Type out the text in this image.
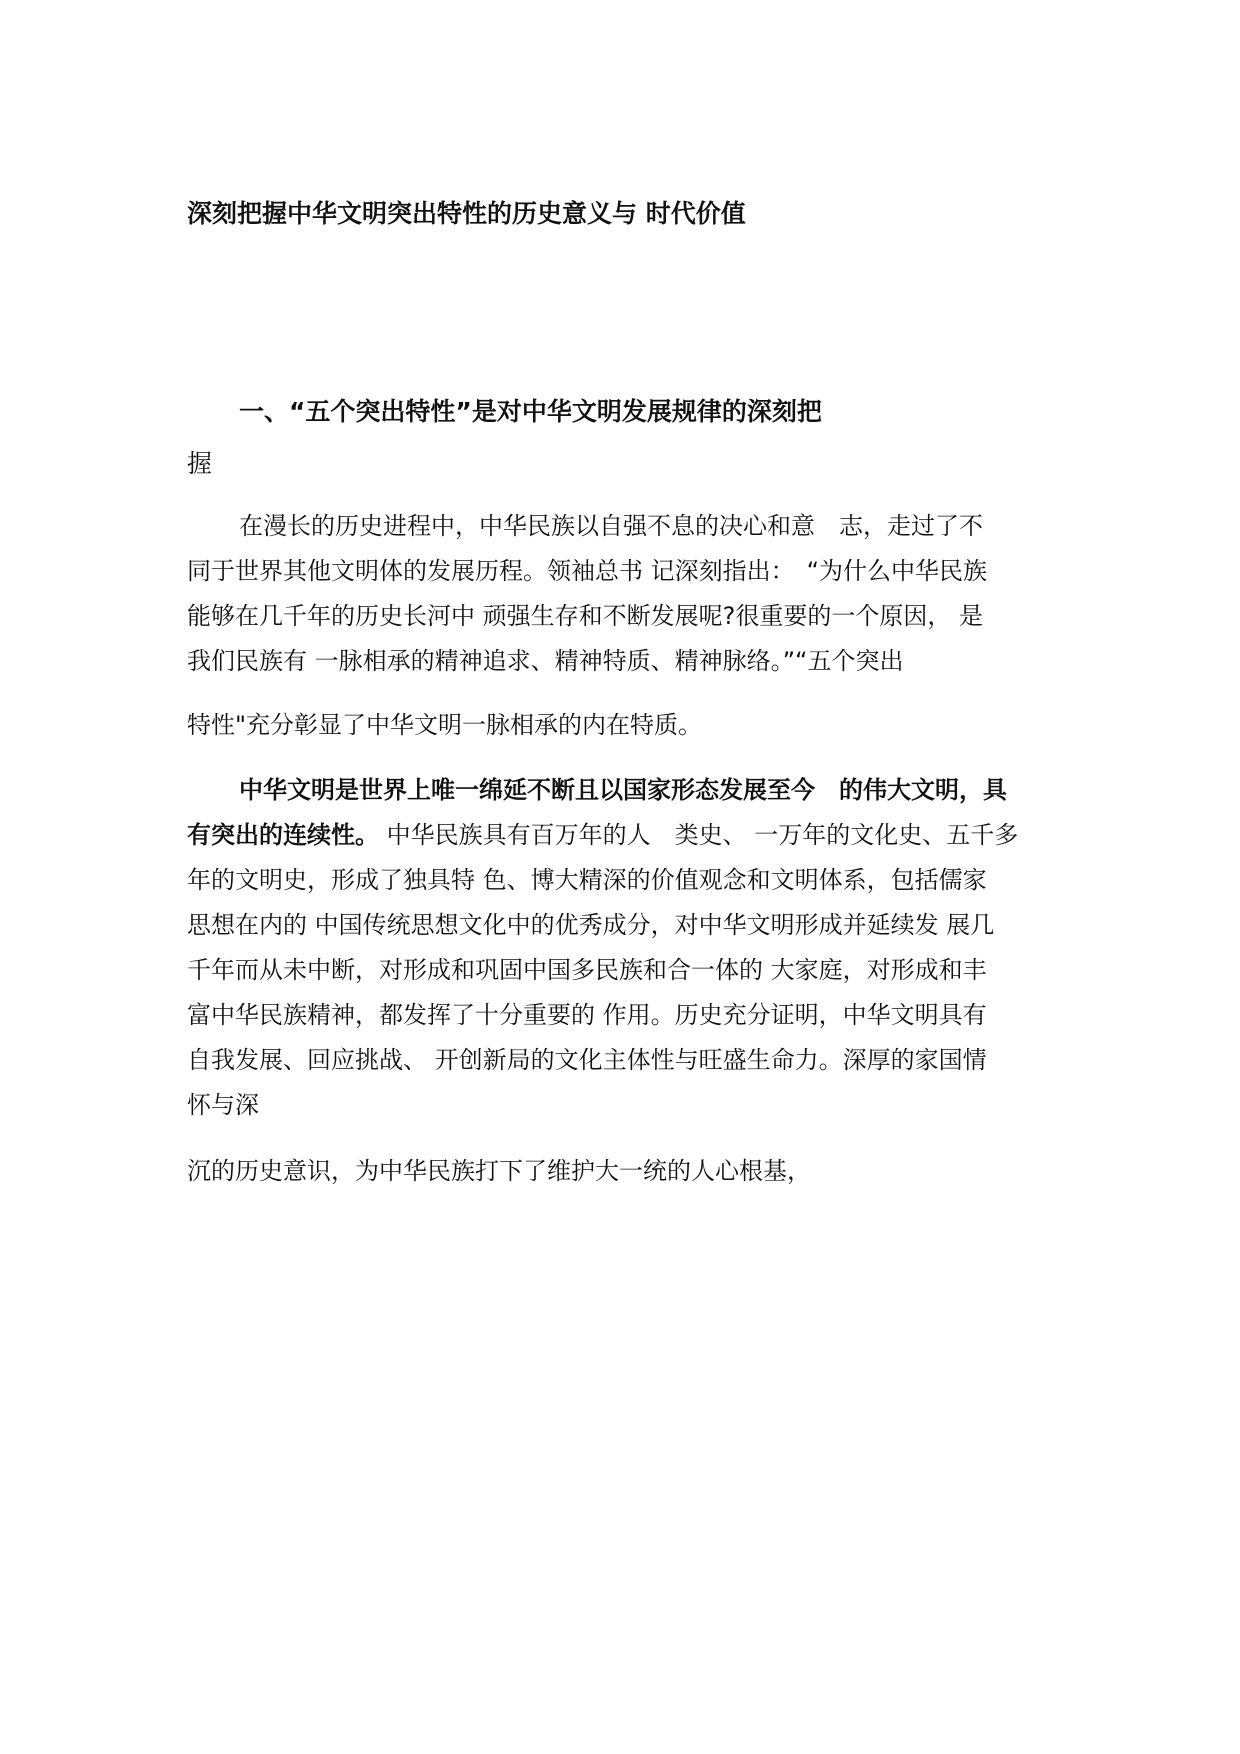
深刻把握中华文明突出特性的历史意义与 时代价值
一、“五个突出特性”是对中华文明发展规律的深刻把
握
在漫长的历史进程中，中华民族以自强不息的决心和意　志，走过了不
同于世界其他文明体的发展历程。领袖总书 记深刻指出：　“为什么中华民族
能够在几千年的历史长河中 顽强生存和不断发展呢?很重要的一个原因， 是
我们民族有 一脉相承的精神追求、精神特质、精神脉络。”“五个突出

特性"充分彰显了中华文明一脉相承的内在特质。

中华文明是世界上唯一绵延不断且以国家形态发展至今　的伟大文明，具
有突出的连续性。 中华民族具有百万年的人　类史、 一万年的文化史、五千多
年的文明史，形成了独具特 色、博大精深的价值观念和文明体系，包括儒家
思想在内的 中国传统思想文化中的优秀成分，对中华文明形成并延续发 展几
千年而从未中断，对形成和巩固中国多民族和合一体的 大家庭，对形成和丰
富中华民族精神，都发挥了十分重要的 作用。历史充分证明，中华文明具有
自我发展、回应挑战、 开创新局的文化主体性与旺盛生命力。深厚的家国情
怀与深

沉的历史意识，为中华民族打下了维护大一统的人心根基，
